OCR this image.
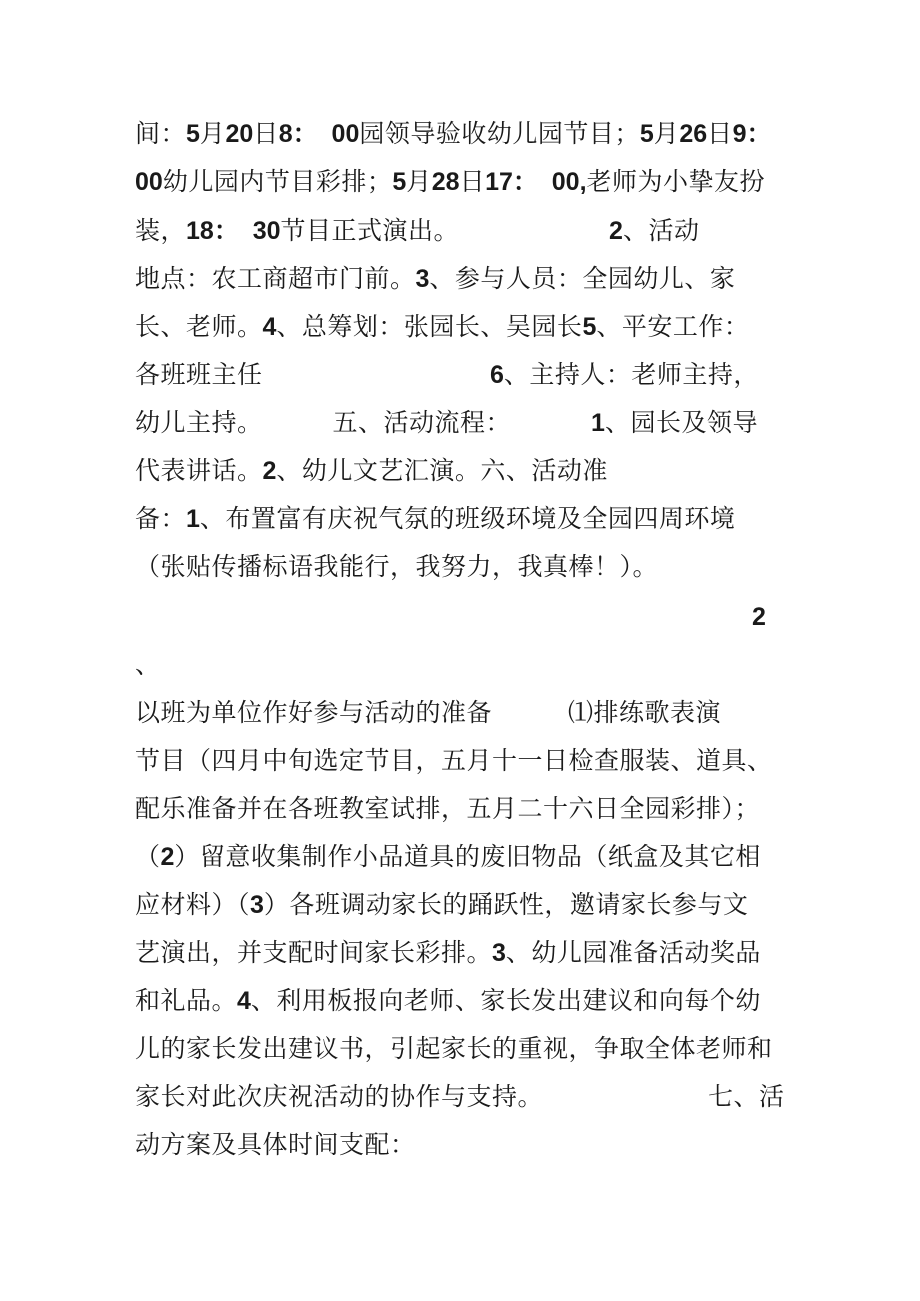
间：5月20日8：  00园领导验收幼儿园节目；5月26日9：
00幼儿园内节目彩排；5月28日17：  00,老师为小挚友扮
装，18：  30节目正式演出。	2、活动
地点：农工商超市门前。3、参与人员：全园幼儿、家
长、老师。4、总筹划：张园长、吴园长5、平安工作：
各班班主任	6、主持人：老师主持，
幼儿主持。	五、活动流程：	1、园长及领导
代表讲话。2、幼儿文艺汇演。六、活动准
备：1、布置富有庆祝气氛的班级环境及全园四周环境
（张贴传播标语我能行，我努力，我真棒！）。
2
、
以班为单位作好参与活动的准备	⑴排练歌表演
节目（四月中旬选定节目，五月十一日检查服装、道具、
配乐准备并在各班教室试排，五月二十六日全园彩排）；
（2）留意收集制作小品道具的废旧物品（纸盒及其它相
应材料）（3）各班调动家长的踊跃性，邀请家长参与文
艺演出，并支配时间家长彩排。3、幼儿园准备活动奖品
和礼品。4、利用板报向老师、家长发出建议和向每个幼
儿的家长发出建议书，引起家长的重视，争取全体老师和
家长对此次庆祝活动的协作与支持。	七、活
动方案及具体时间支配：
